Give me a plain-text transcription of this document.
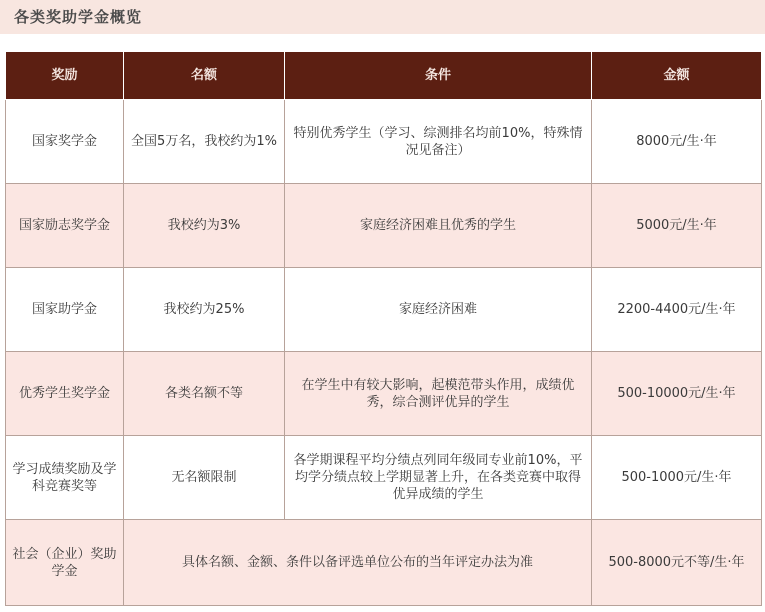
各类奖助学金概览
奖励	名额	条件	金额
国家奖学金	全国5万名，我校约为1%	特别优秀学生（学习、综测排名均前10%，特殊情况见备注）	8000元/生·年
国家励志奖学金	我校约为3%	家庭经济困难且优秀的学生	5000元/生·年
国家助学金	我校约为25%	家庭经济困难	2200-4400元/生·年
优秀学生奖学金	各类名额不等	在学生中有较大影响，起模范带头作用，成绩优秀，综合测评优异的学生	500-10000元/生·年
学习成绩奖励及学科竞赛奖等	无名额限制	各学期课程平均分绩点列同年级同专业前10%，平均学分绩点较上学期显著上升，在各类竞赛中取得优异成绩的学生	500-1000元/生·年
社会（企业）奖助学金	具体名额、金额、条件以备评选单位公布的当年评定办法为准		500-8000元不等/生·年
